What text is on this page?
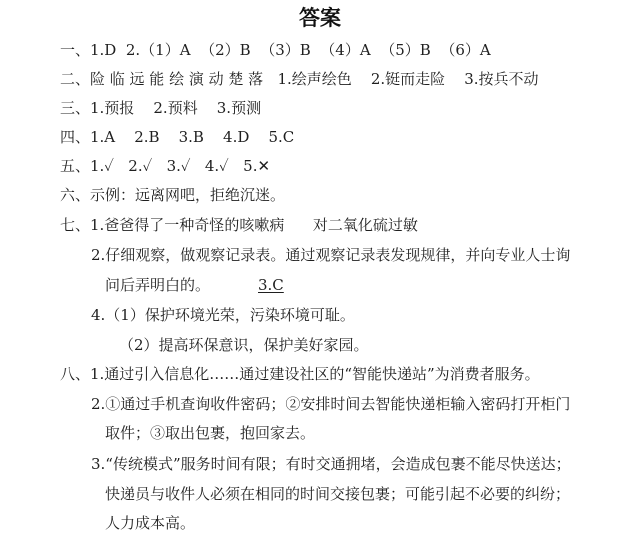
答案
一、1.D  2.（1）A  （2）B  （3）B  （4）A  （5）B  （6）A
二、险 临 远 能 绘 演 动 楚 落   1.绘声绘色    2.铤而走险    3.按兵不动
三、1.预报    2.预料    3.预测
四、1.A    2.B    3.B    4.D    5.C
五、1.✓   2.✓   3.✓   4.✓   5.✕
六、示例：远离网吧，拒绝沉迷。
七、1.爸爸得了一种奇怪的咳嗽病      对二氧化硫过敏
2.仔细观察，做观察记录表。通过观察记录表发现规律，并向专业人士询
问后弄明白的。	3.C
4.（1）保护环境光荣，污染环境可耻。
（2）提高环保意识，保护美好家园。
八、1.通过引入信息化……通过建设社区的“智能快递站”为消费者服务。
2.①通过手机查询收件密码；②安排时间去智能快递柜输入密码打开柜门
取件；③取出包裹，抱回家去。
3.“传统模式”服务时间有限；有时交通拥堵，会造成包裹不能尽快送达；
快递员与收件人必须在相同的时间交接包裹；可能引起不必要的纠纷；
人力成本高。
